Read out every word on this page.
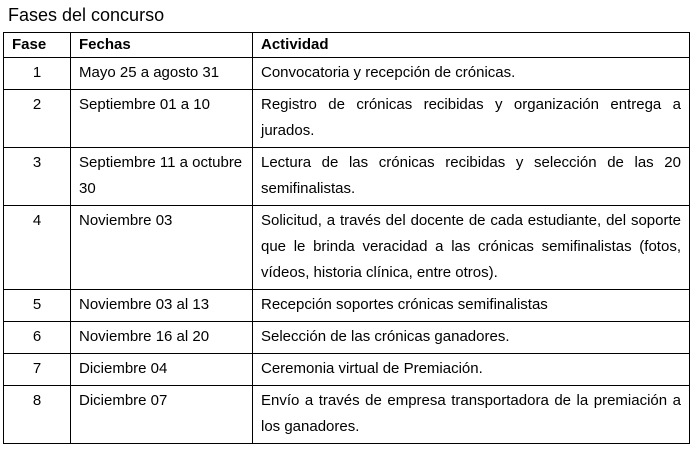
Fases del concurso
Fase	Fechas	Actividad
1	Mayo 25 a agosto 31	Convocatoria y recepción de crónicas.
2	Septiembre 01 a 10	Registro de crónicas recibidas y organización entrega a jurados.
3	Septiembre 11 a octubre 30	Lectura de las crónicas recibidas y selección de las 20 semifinalistas.
4	Noviembre 03	Solicitud, a través del docente de cada estudiante, del soporte que le brinda veracidad a las crónicas semifinalistas (fotos, vídeos, historia clínica, entre otros).
5	Noviembre 03 al 13	Recepción soportes crónicas semifinalistas
6	Noviembre 16 al 20	Selección de las crónicas ganadores.
7	Diciembre 04	Ceremonia virtual de Premiación.
8	Diciembre 07	Envío a través de empresa transportadora de la premiación a los ganadores.
